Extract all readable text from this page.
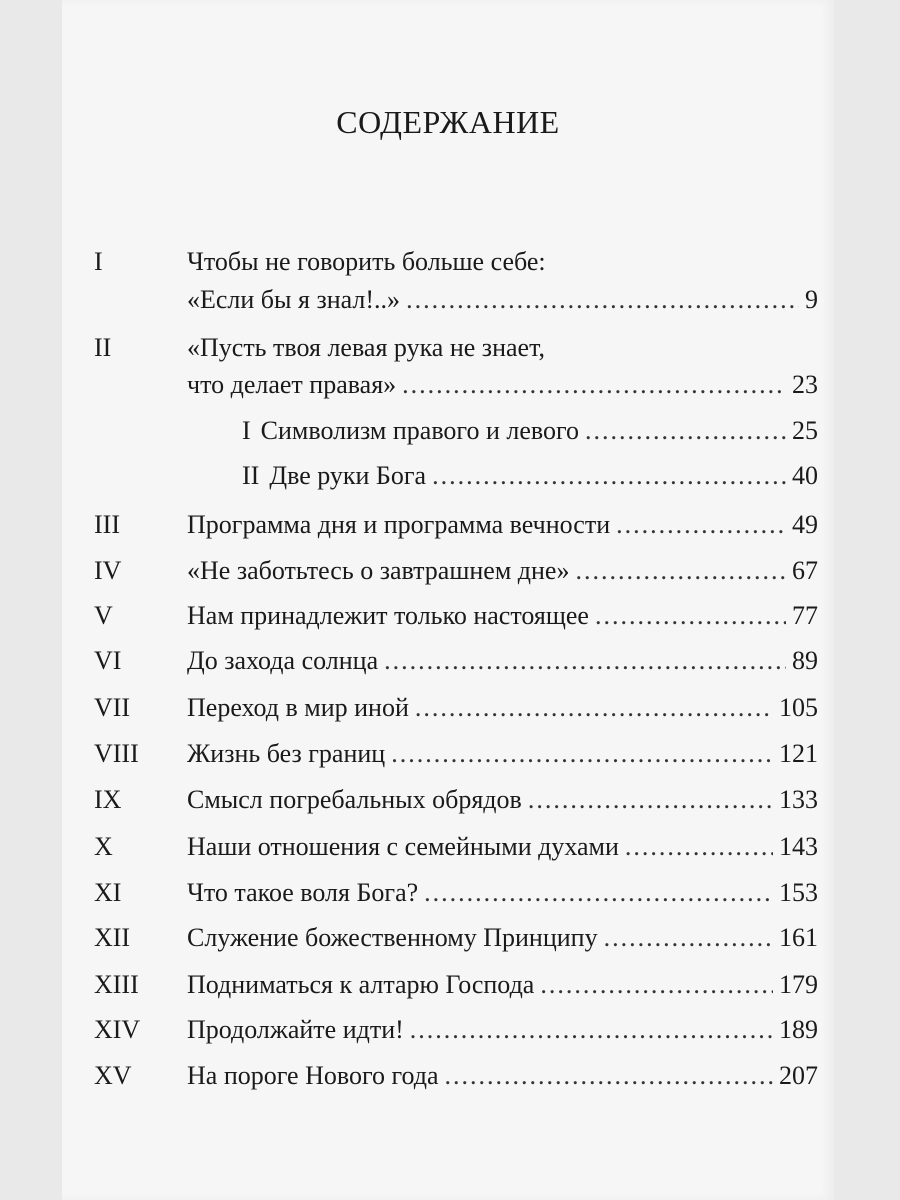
СОДЕРЖАНИЕ
I	Чтобы не говорить больше себе:
«Если бы я знал!..» .....	9
II	«Пусть твоя левая рука не знает,
что делает правая» .....	23
I Символизм правого и левого .....	25
II Две руки Бога .....	40
III	Программа дня и программа вечности .....	49
IV	«Не заботьтесь о завтрашнем дне» .....	67
V	Нам принадлежит только настоящее .....	77
VI	До захода солнца .....	89
VII Переход в мир иной .....	105
VIII Жизнь без границ .....	121
IX	Смысл погребальных обрядов .....	133
X	Наши отношения с семейными духами .....	143
XI	Что такое воля Бога? .....	153
XII Служение божественному Принципу .....	161
XIII Подниматься к алтарю Господа .....	179
XIV Продолжайте идти! .....	189
XV На пороге Нового года .....	207
